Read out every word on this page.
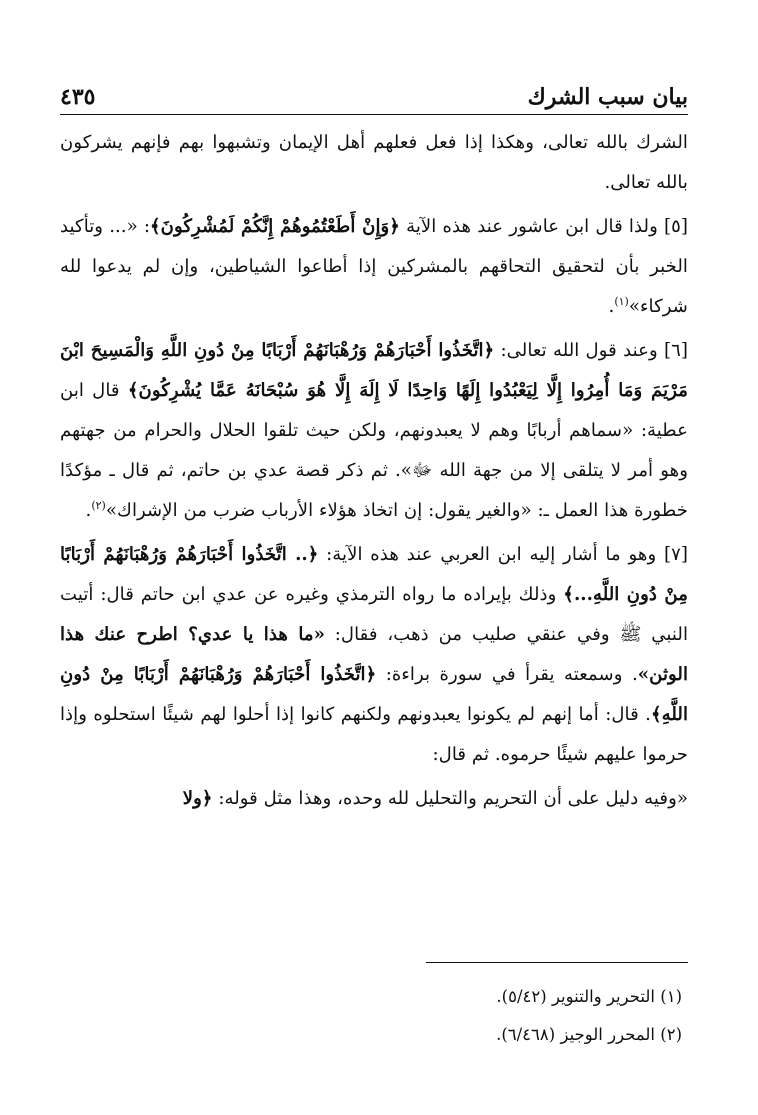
بيان سبب الشرك
٤٣٥

الشرك بالله تعالى، وهكذا إذا فعل فعلهم أهل الإيمان وتشبهوا بهم فإنهم يشركون بالله تعالى.

[٥] ولذا قال ابن عاشور عند هذه الآية ﴿وَإِنْ أَطَعْتُمُوهُمْ إِنَّكُمْ لَمُشْرِكُونَ﴾: «... وتأكيد الخبر بأن لتحقيق التحاقهم بالمشركين إذا أطاعوا الشياطين، وإن لم يدعوا لله شركاء»$^{(١)}$.

[٦] وعند قول الله تعالى: ﴿اتَّخَذُوا أَحْبَارَهُمْ وَرُهْبَانَهُمْ أَرْبَابًا مِنْ دُونِ اللَّهِ وَالْمَسِيحَ ابْنَ مَرْيَمَ وَمَا أُمِرُوا إِلَّا لِيَعْبُدُوا إِلَهًا وَاحِدًا لَا إِلَهَ إِلَّا هُوَ سُبْحَانَهُ عَمَّا يُشْرِكُونَ﴾ قال ابن عطية: «سماهم أربابًا وهم لا يعبدونهم، ولكن حيث تلقوا الحلال والحرام من جهتهم وهو أمر لا يتلقى إلا من جهة الله ﷻ». ثم ذكر قصة عدي بن حاتم، ثم قال ـ مؤكدًا خطورة هذا العمل ـ: «والغير يقول: إن اتخاذ هؤلاء الأرباب ضرب من الإشراك»$^{(٢)}$.

[٧] وهو ما أشار إليه ابن العربي عند هذه الآية: ﴿.. اتَّخَذُوا أَحْبَارَهُمْ وَرُهْبَانَهُمْ أَرْبَابًا مِنْ دُونِ اللَّهِ...﴾ وذلك بإيراده ما رواه الترمذي وغيره عن عدي ابن حاتم قال: أتيت النبي ﷺ وفي عنقي صليب من ذهب، فقال: «ما هذا يا عدي؟ اطرح عنك هذا الوثن». وسمعته يقرأ في سورة براءة: ﴿اتَّخَذُوا أَحْبَارَهُمْ وَرُهْبَانَهُمْ أَرْبَابًا مِنْ دُونِ اللَّهِ﴾. قال: أما إنهم لم يكونوا يعبدونهم ولكنهم كانوا إذا أحلوا لهم شيئًا استحلوه وإذا حرموا عليهم شيئًا حرموه. ثم قال:

«وفيه دليل على أن التحريم والتحليل لله وحده، وهذا مثل قوله: ﴿ولا

(١) التحرير والتنوير (٥/٤٢).

(٢) المحرر الوجيز (٦/٤٦٨).
